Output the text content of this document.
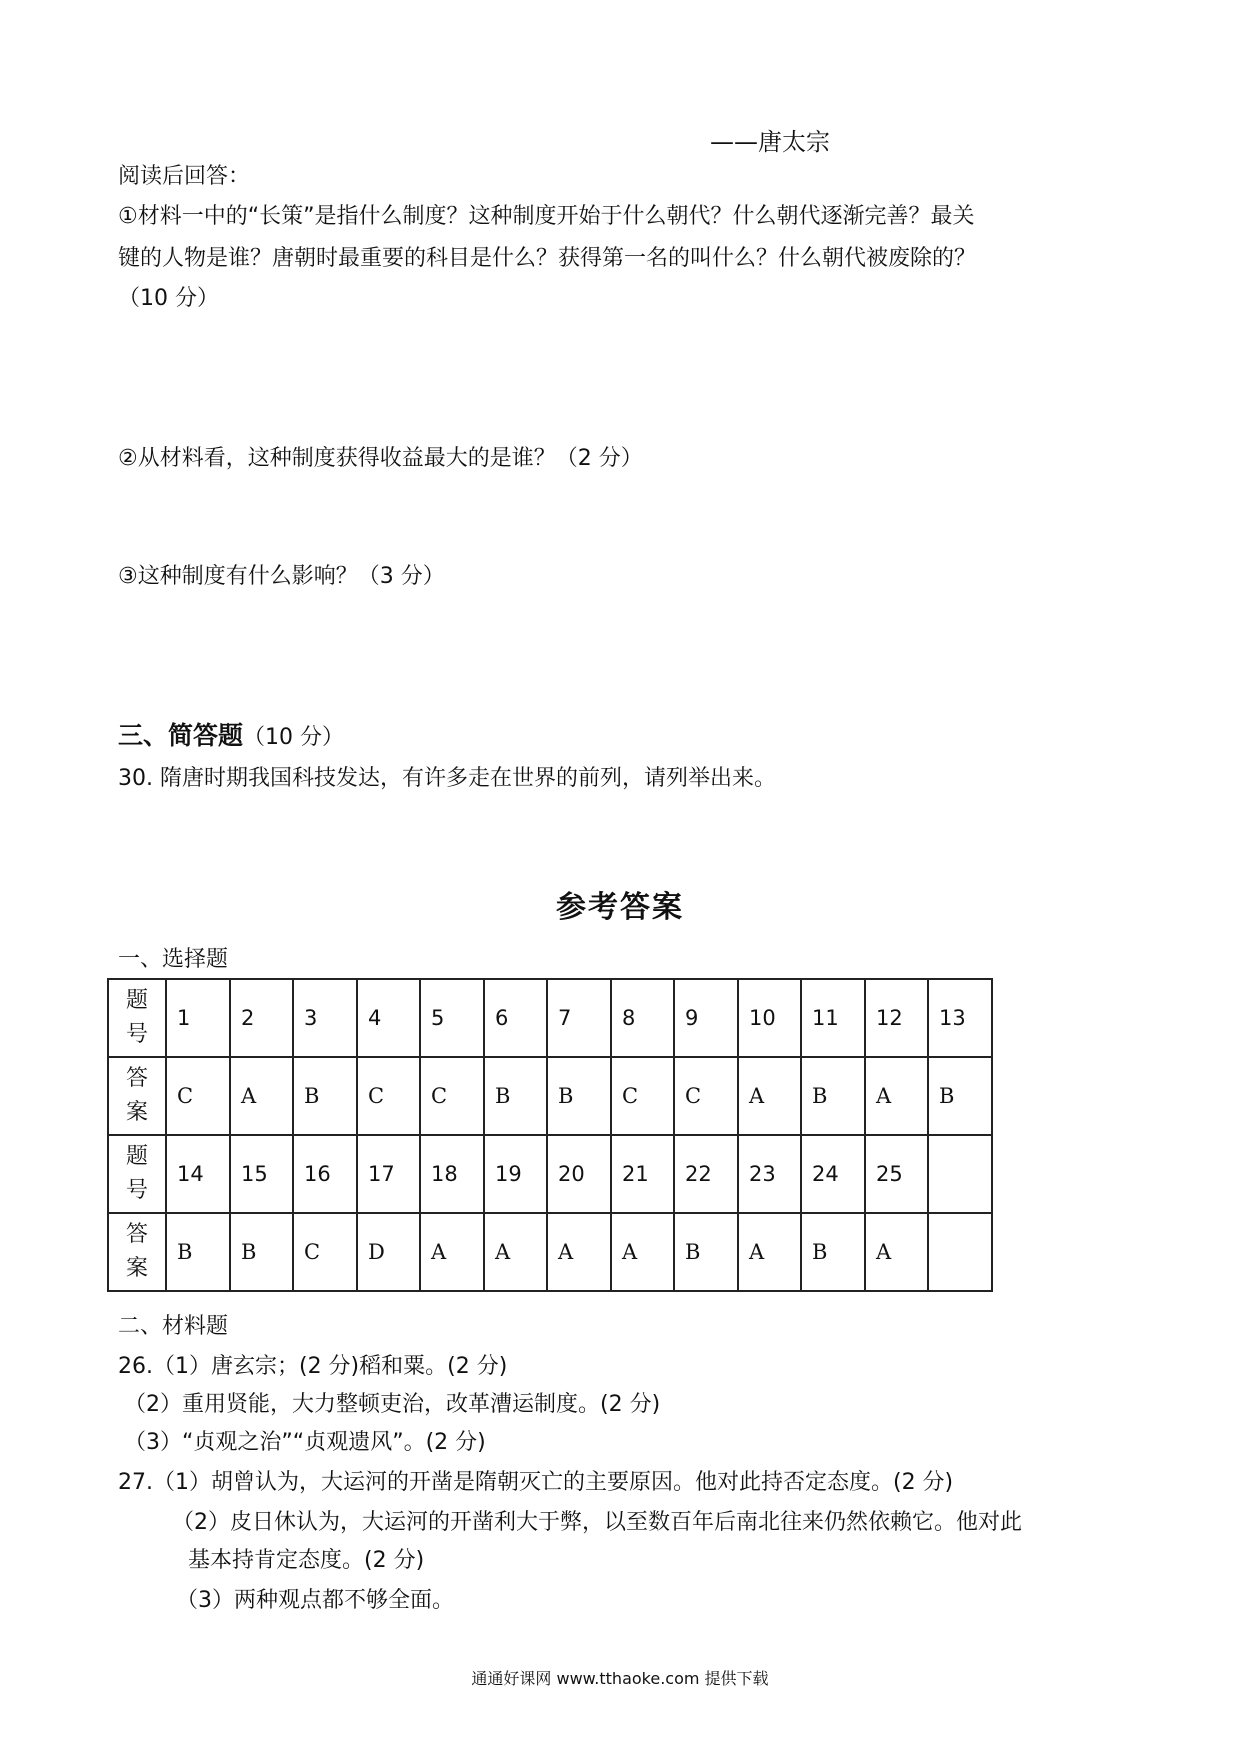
——唐太宗
阅读后回答：
①材料一中的“长策”是指什么制度？这种制度开始于什么朝代？什么朝代逐渐完善？最关
键的人物是谁？唐朝时最重要的科目是什么？获得第一名的叫什么？什么朝代被废除的？
（10 分）
②从材料看，这种制度获得收益最大的是谁？（2 分）
③这种制度有什么影响？（3 分）
三、简答题（10 分）
30. 隋唐时期我国科技发达，有许多走在世界的前列，请列举出来。
参考答案
一、选择题
题
号	1	2	3	4	5	6	7	8	9	10	11	12	13

答
案	C	A	B	C	C	B	B	C	C	A	B	A	B

题
号	14	15	16	17	18	19	20	21	22	23	24	25	

答
案	B	B	C	D	A	A	A	A	B	A	B	A	
二、材料题
26.（1）唐玄宗；(2 分)稻和粟。(2 分)
（2）重用贤能，大力整顿吏治，改革漕运制度。(2 分)
（3）“贞观之治”“贞观遗风”。(2 分)
27.（1）胡曾认为，大运河的开凿是隋朝灭亡的主要原因。他对此持否定态度。(2 分)
（2）皮日休认为，大运河的开凿利大于弊，以至数百年后南北往来仍然依赖它。他对此
基本持肯定态度。(2 分)
（3）两种观点都不够全面。
通通好课网 www.tthaoke.com 提供下载
